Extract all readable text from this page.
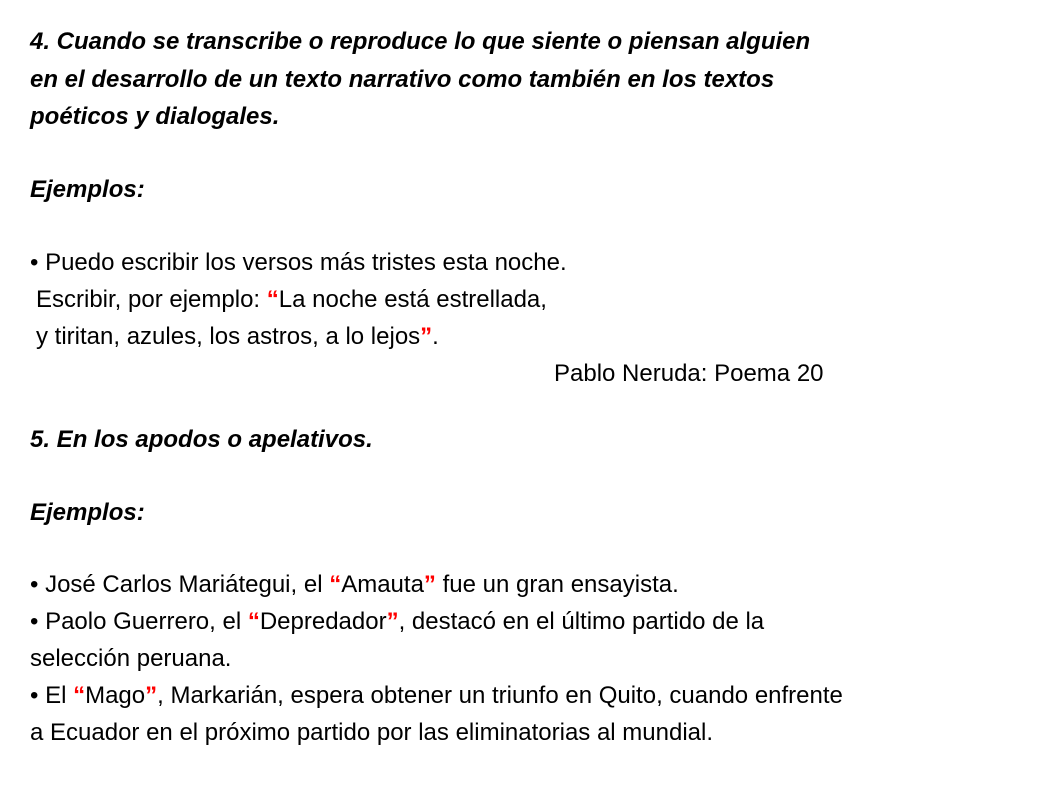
4. Cuando se transcribe o reproduce lo que siente o piensan alguien
en el desarrollo de un texto narrativo como también en los textos
poéticos y dialogales.
Ejemplos:
• Puedo escribir los versos más tristes esta noche.
Escribir, por ejemplo: “La noche está estrellada,
y tiritan, azules, los astros, a lo lejos”.
Pablo Neruda: Poema 20
5. En los apodos o apelativos.
Ejemplos:
• José Carlos Mariátegui, el “Amauta” fue un gran ensayista.
• Paolo Guerrero, el “Depredador”, destacó en el último partido de la
selección peruana.
• El “Mago”, Markarián, espera obtener un triunfo en Quito, cuando enfrente
a Ecuador en el próximo partido por las eliminatorias al mundial.
